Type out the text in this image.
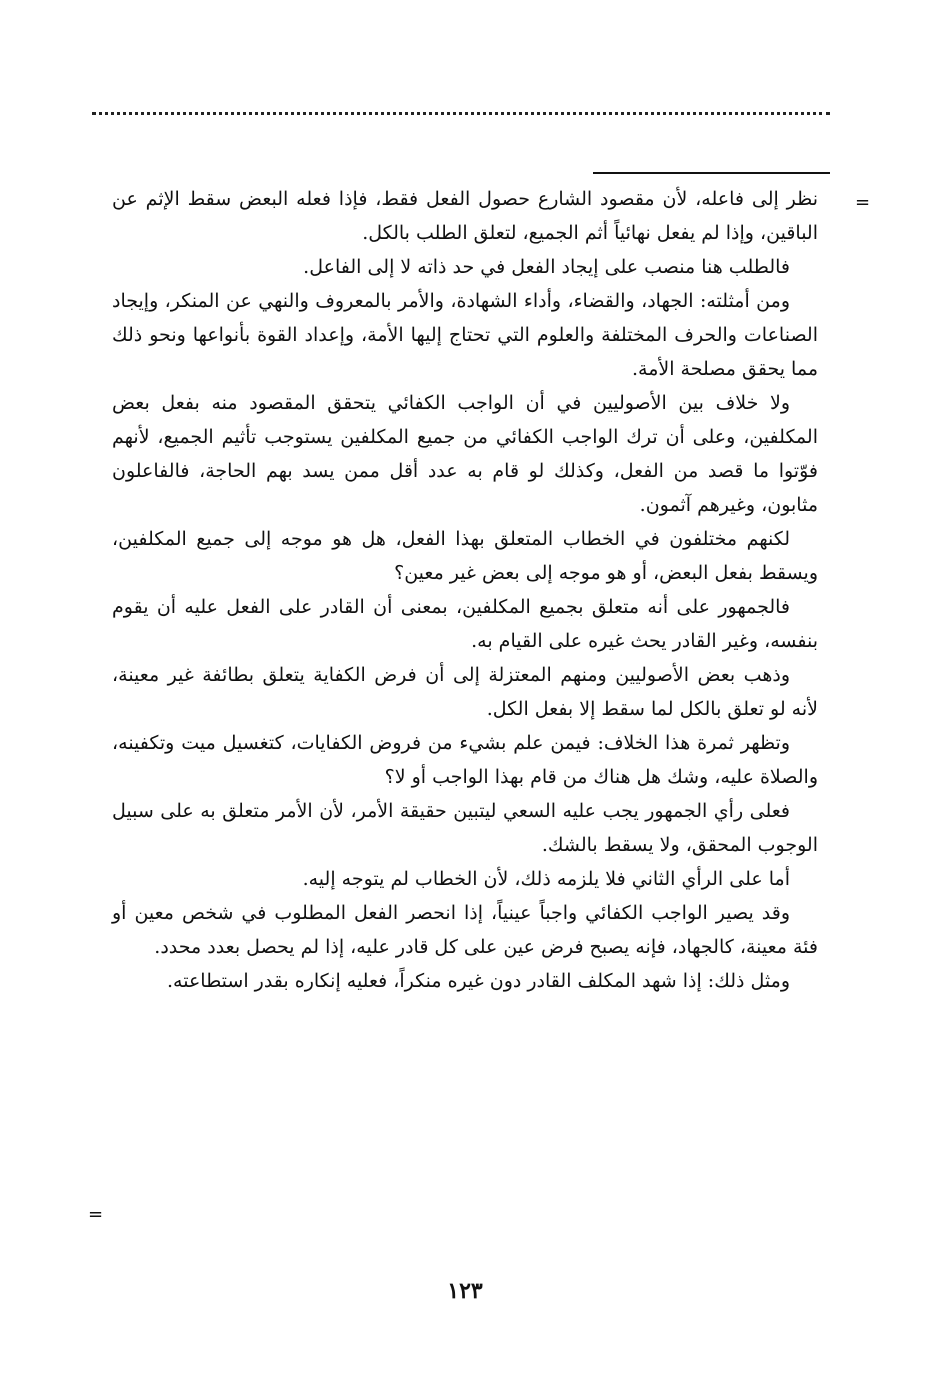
=

نظر إلى فاعله، لأن مقصود الشارع حصول الفعل فقط، فإذا فعله البعض سقط الإثم عن الباقين، وإذا لم يفعل نهائياً أثم الجميع، لتعلق الطلب بالكل.

فالطلب هنا منصب على إيجاد الفعل في حد ذاته لا إلى الفاعل.

ومن أمثلته: الجهاد، والقضاء، وأداء الشهادة، والأمر بالمعروف والنهي عن المنكر، وإيجاد الصناعات والحرف المختلفة والعلوم التي تحتاج إليها الأمة، وإعداد القوة بأنواعها ونحو ذلك مما يحقق مصلحة الأمة.

ولا خلاف بين الأصوليين في أن الواجب الكفائي يتحقق المقصود منه بفعل بعض المكلفين، وعلى أن ترك الواجب الكفائي من جميع المكلفين يستوجب تأثيم الجميع، لأنهم فوّتوا ما قصد من الفعل، وكذلك لو قام به عدد أقل ممن يسد بهم الحاجة، فالفاعلون مثابون، وغيرهم آثمون.

لكنهم مختلفون في الخطاب المتعلق بهذا الفعل، هل هو موجه إلى جميع المكلفين، ويسقط بفعل البعض، أو هو موجه إلى بعض غير معين؟

فالجمهور على أنه متعلق بجميع المكلفين، بمعنى أن القادر على الفعل عليه أن يقوم بنفسه، وغير القادر يحث غيره على القيام به.

وذهب بعض الأصوليين ومنهم المعتزلة إلى أن فرض الكفاية يتعلق بطائفة غير معينة، لأنه لو تعلق بالكل لما سقط إلا بفعل الكل.

وتظهر ثمرة هذا الخلاف: فيمن علم بشيء من فروض الكفايات، كتغسيل ميت وتكفينه، والصلاة عليه، وشك هل هناك من قام بهذا الواجب أو لا؟

فعلى رأي الجمهور يجب عليه السعي ليتبين حقيقة الأمر، لأن الأمر متعلق به على سبيل الوجوب المحقق، ولا يسقط بالشك.

أما على الرأي الثاني فلا يلزمه ذلك، لأن الخطاب لم يتوجه إليه.

وقد يصير الواجب الكفائي واجباً عينياً، إذا انحصر الفعل المطلوب في شخص معين أو فئة معينة، كالجهاد، فإنه يصبح فرض عين على كل قادر عليه، إذا لم يحصل بعدد محدد.

ومثل ذلك: إذا شهد المكلف القادر دون غيره منكراً، فعليه إنكاره بقدر استطاعته.

=
١٢٣
